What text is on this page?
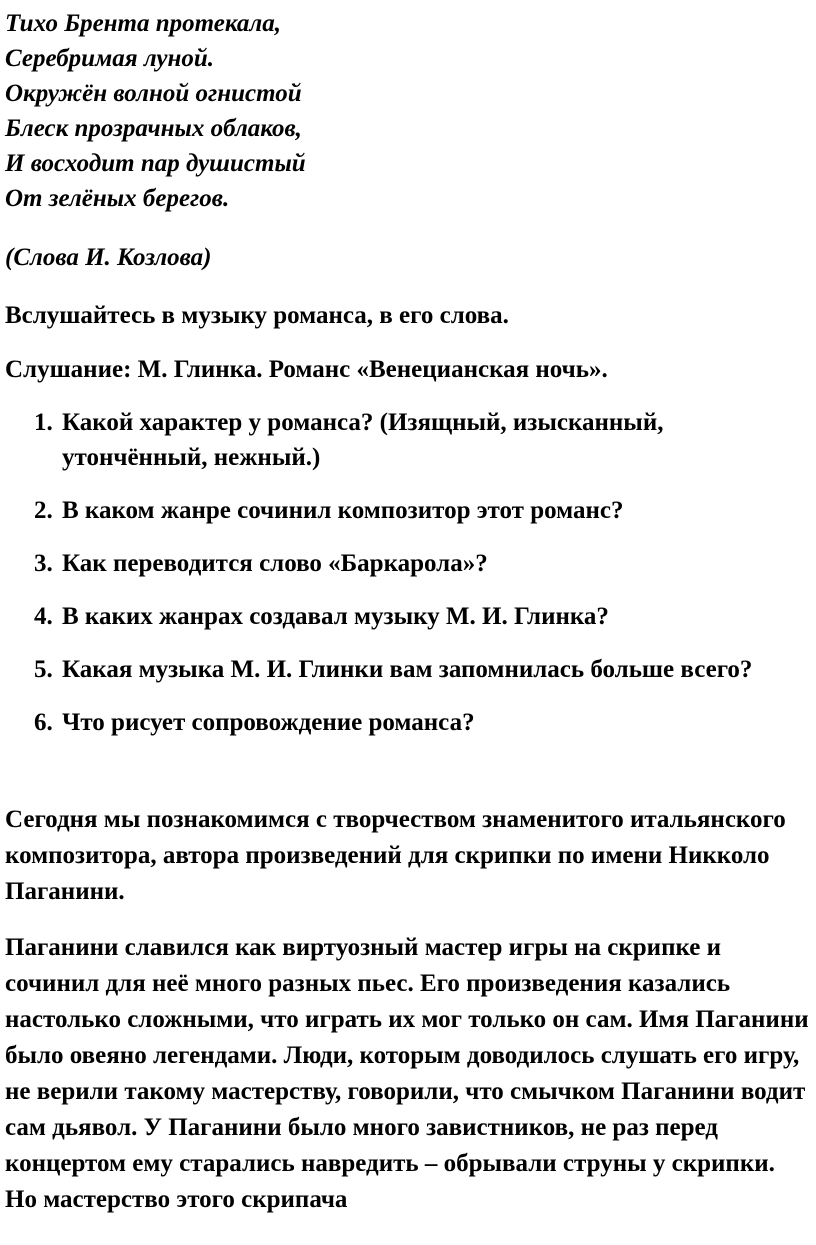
Тихо Брента протекала,
Серебримая луной.
Окружён волной огнистой
Блеск прозрачных облаков,
И восходит пар душистый
От зелёных берегов.
(Слова И. Козлова)
Вслушайтесь в музыку романса, в его слова.
Слушание: М. Глинка. Романс «Венецианская ночь».
1. Какой характер у романса? (Изящный, изысканный, утончённый, нежный.)
2. В каком жанре сочинил композитор этот романс?
3. Как переводится слово «Баркарола»?
4. В каких жанрах создавал музыку М. И. Глинка?
5. Какая музыка М. И. Глинки вам запомнилась больше всего?
6. Что рисует сопровождение романса?
Сегодня мы познакомимся с творчеством знаменитого итальянского композитора, автора произведений для скрипки по имени Никколо Паганини.
Паганини славился как виртуозный мастер игры на скрипке и сочинил для неё много разных пьес. Его произведения казались настолько сложными, что играть их мог только он сам. Имя Паганини было овеяно легендами. Люди, которым доводилось слушать его игру, не верили такому мастерству, говорили, что смычком Паганини водит сам дьявол. У Паганини было много завистников, не раз перед концертом ему старались навредить – обрывали струны у скрипки. Но мастерство этого скрипача
